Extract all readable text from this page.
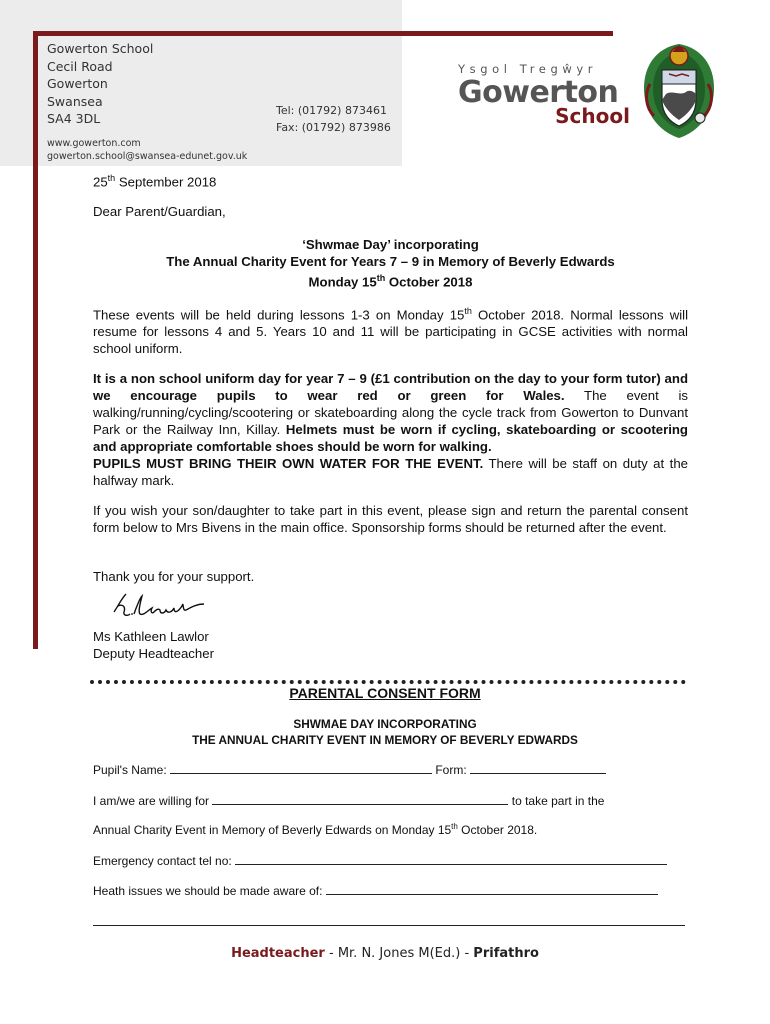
Gowerton School
Cecil Road
Gowerton
Swansea
SA4 3DL
Tel: (01792) 873461
Fax: (01792) 873986
www.gowerton.com
gowerton.school@swansea-edunet.gov.uk
Ysgol Tregŵyr
Gowerton
School
25th September 2018
Dear Parent/Guardian,
‘Shwmae Day’ incorporating
The Annual Charity Event for Years 7 – 9 in Memory of Beverly Edwards
Monday 15th October 2018
These events will be held during lessons 1-3 on Monday 15th October 2018. Normal lessons will resume for lessons 4 and 5. Years 10 and 11 will be participating in GCSE activities with normal school uniform.
It is a non school uniform day for year 7 – 9 (£1 contribution on the day to your form tutor) and we encourage pupils to wear red or green for Wales. The event is walking/running/cycling/scootering or skateboarding along the cycle track from Gowerton to Dunvant Park or the Railway Inn, Killay. Helmets must be worn if cycling, skateboarding or scootering and appropriate comfortable shoes should be worn for walking.
PUPILS MUST BRING THEIR OWN WATER FOR THE EVENT. There will be staff on duty at the halfway mark.
If you wish your son/daughter to take part in this event, please sign and return the parental consent form below to Mrs Bivens in the main office. Sponsorship forms should be returned after the event.
Thank you for your support.
Ms Kathleen Lawlor
Deputy Headteacher
PARENTAL CONSENT FORM
SHWMAE DAY INCORPORATING
THE ANNUAL CHARITY EVENT IN MEMORY OF BEVERLY EDWARDS
Pupil's Name:	Form:
I am/we are willing for	to take part in the
Annual Charity Event in Memory of Beverly Edwards on Monday 15th October 2018.
Emergency contact tel no:
Heath issues we should be made aware of:
Headteacher - Mr. N. Jones M(Ed.) - Prifathro
